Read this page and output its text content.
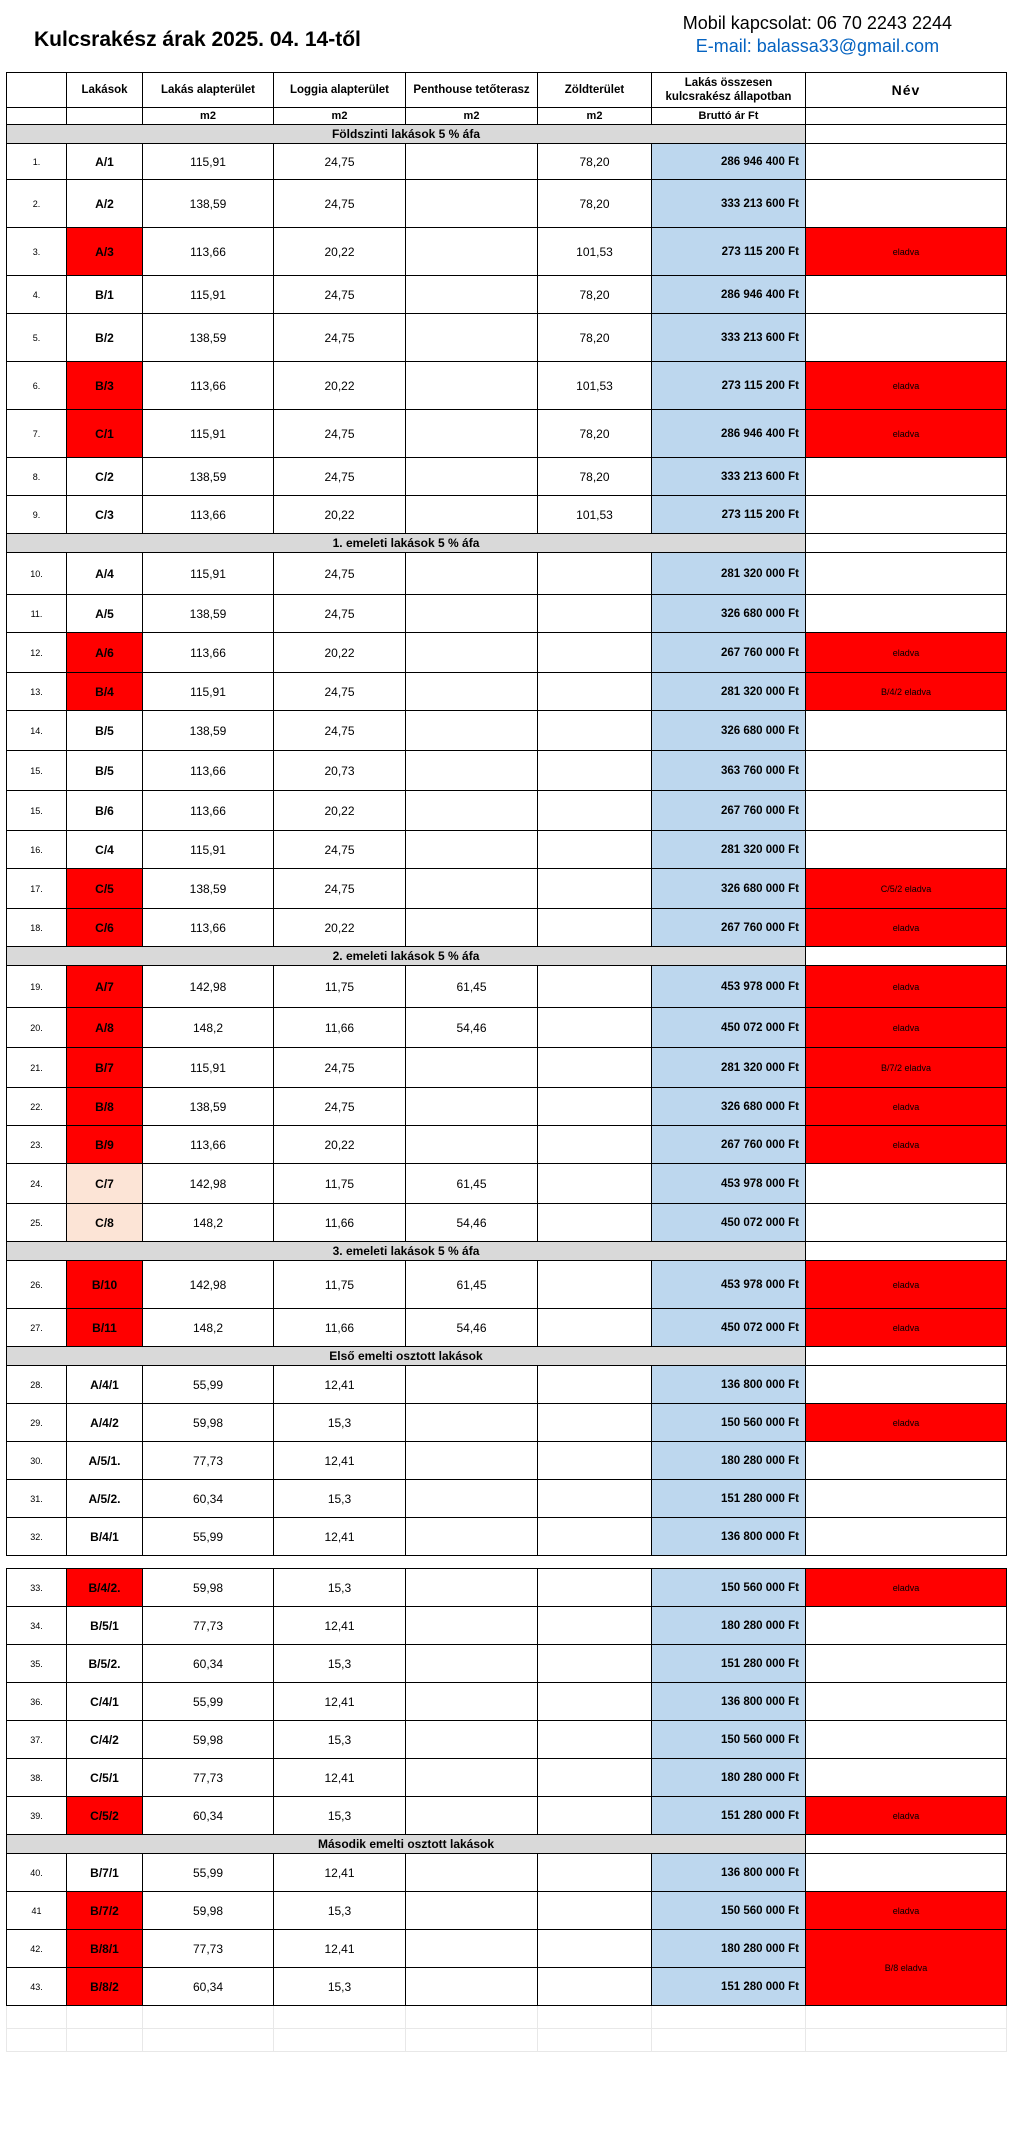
Kulcsrakész árak 2025. 04. 14-től
Mobil kapcsolat: 06 70 2243 2244
E-mail: balassa33@gmail.com
	Lakások	Lakás alapterület	Loggia alapterület	Penthouse tetőterasz	Zöldterület	Lakás összesen kulcsrakész állapotban	Név
		m2	m2	m2	m2	Bruttó ár Ft	
Földszinti lakások 5 % áfa							
1.	A/1	115,91	24,75		78,20	286 946 400 Ft	
2.	A/2	138,59	24,75		78,20	333 213 600 Ft	
3.	A/3	113,66	20,22		101,53	273 115 200 Ft	eladva
4.	B/1	115,91	24,75		78,20	286 946 400 Ft	
5.	B/2	138,59	24,75		78,20	333 213 600 Ft	
6.	B/3	113,66	20,22		101,53	273 115 200 Ft	eladva
7.	C/1	115,91	24,75		78,20	286 946 400 Ft	eladva
8.	C/2	138,59	24,75		78,20	333 213 600 Ft	
9.	C/3	113,66	20,22		101,53	273 115 200 Ft	
1. emeleti lakások 5 % áfa							
10.	A/4	115,91	24,75			281 320 000 Ft	
11.	A/5	138,59	24,75			326 680 000 Ft	
12.	A/6	113,66	20,22			267 760 000 Ft	eladva
13.	B/4	115,91	24,75			281 320 000 Ft	B/4/2 eladva
14.	B/5	138,59	24,75			326 680 000 Ft	
15.	B/5	113,66	20,73			363 760 000 Ft	
15.	B/6	113,66	20,22			267 760 000 Ft	
16.	C/4	115,91	24,75			281 320 000 Ft	
17.	C/5	138,59	24,75			326 680 000 Ft	C/5/2 eladva
18.	C/6	113,66	20,22			267 760 000 Ft	eladva
2. emeleti lakások 5 % áfa							
19.	A/7	142,98	11,75	61,45		453 978 000 Ft	eladva
20.	A/8	148,2	11,66	54,46		450 072 000 Ft	eladva
21.	B/7	115,91	24,75			281 320 000 Ft	B/7/2 eladva
22.	B/8	138,59	24,75			326 680 000 Ft	eladva
23.	B/9	113,66	20,22			267 760 000 Ft	eladva
24.	C/7	142,98	11,75	61,45		453 978 000 Ft	
25.	C/8	148,2	11,66	54,46		450 072 000 Ft	
3. emeleti lakások 5 % áfa							
26.	B/10	142,98	11,75	61,45		453 978 000 Ft	eladva
27.	B/11	148,2	11,66	54,46		450 072 000 Ft	eladva
Első emelti osztott lakások							
28.	A/4/1	55,99	12,41			136 800 000 Ft	
29.	A/4/2	59,98	15,3			150 560 000 Ft	eladva
30.	A/5/1.	77,73	12,41			180 280 000 Ft	
31.	A/5/2.	60,34	15,3			151 280 000 Ft	
32.	B/4/1	55,99	12,41			136 800 000 Ft	

33.	B/4/2.	59,98	15,3			150 560 000 Ft	eladva
34.	B/5/1	77,73	12,41			180 280 000 Ft	
35.	B/5/2.	60,34	15,3			151 280 000 Ft	
36.	C/4/1	55,99	12,41			136 800 000 Ft	
37.	C/4/2	59,98	15,3			150 560 000 Ft	
38.	C/5/1	77,73	12,41			180 280 000 Ft	
39.	C/5/2	60,34	15,3			151 280 000 Ft	eladva
Második emelti osztott lakások							
40.	B/7/1	55,99	12,41			136 800 000 Ft	
41	B/7/2	59,98	15,3			150 560 000 Ft	eladva
42.	B/8/1	77,73	12,41			180 280 000 Ft	B/8 eladva
43.	B/8/2	60,34	15,3			151 280 000 Ft	
